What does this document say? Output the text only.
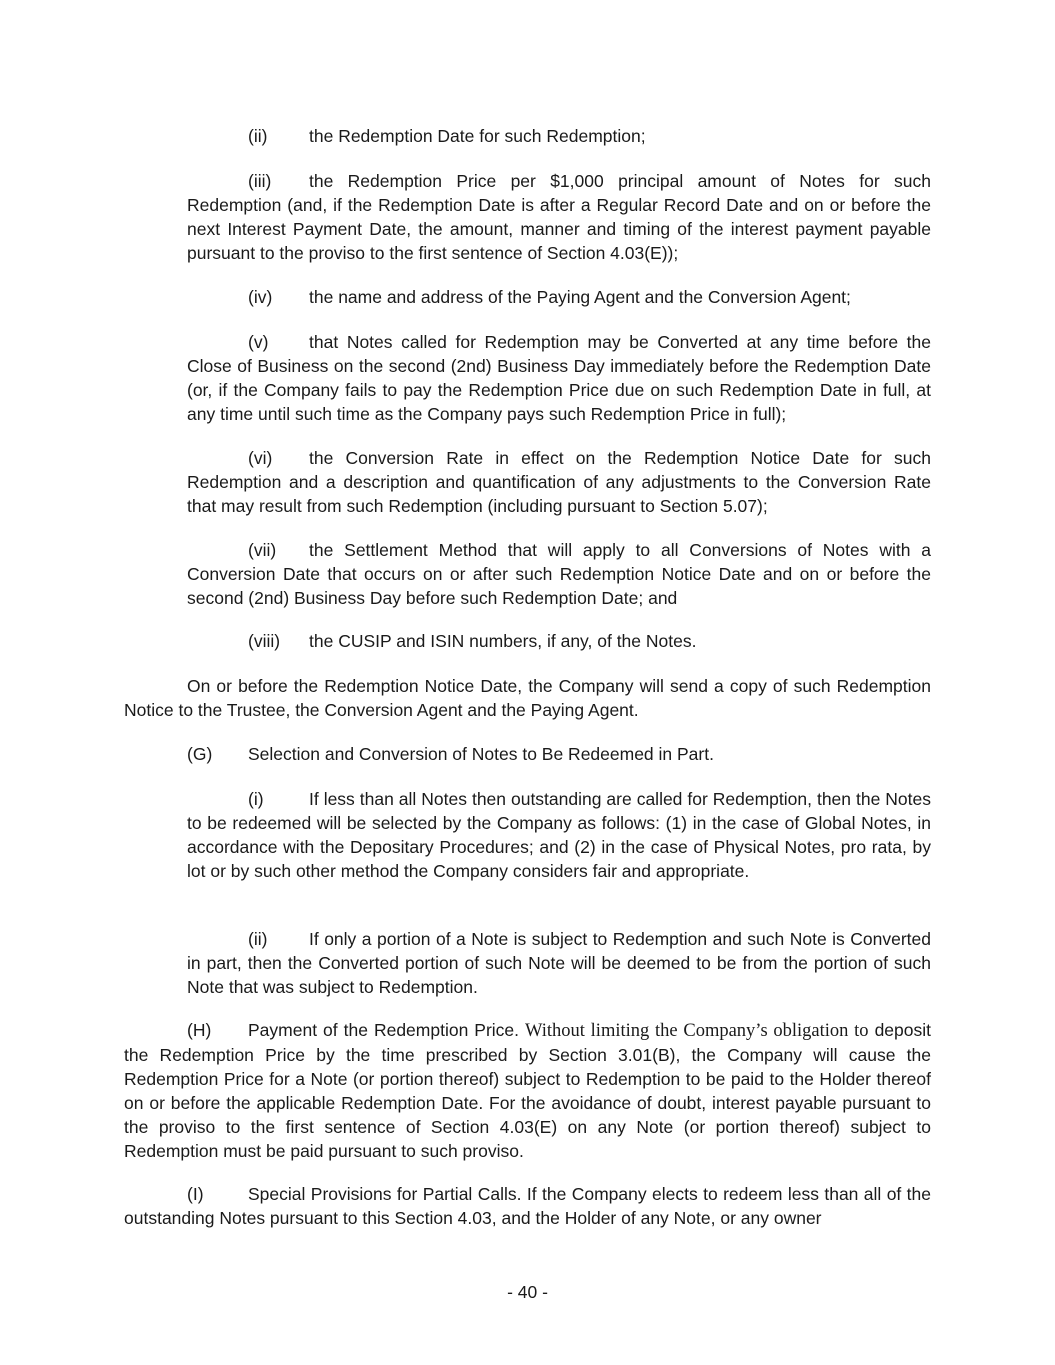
(ii) the Redemption Date for such Redemption;
(iii) the Redemption Price per $1,000 principal amount of Notes for such Redemption (and, if the Redemption Date is after a Regular Record Date and on or before the next Interest Payment Date, the amount, manner and timing of the interest payment payable pursuant to the proviso to the first sentence of Section 4.03(E));
(iv) the name and address of the Paying Agent and the Conversion Agent;
(v) that Notes called for Redemption may be Converted at any time before the Close of Business on the second (2nd) Business Day immediately before the Redemption Date (or, if the Company fails to pay the Redemption Price due on such Redemption Date in full, at any time until such time as the Company pays such Redemption Price in full);
(vi) the Conversion Rate in effect on the Redemption Notice Date for such Redemption and a description and quantification of any adjustments to the Conversion Rate that may result from such Redemption (including pursuant to Section 5.07);
(vii) the Settlement Method that will apply to all Conversions of Notes with a Conversion Date that occurs on or after such Redemption Notice Date and on or before the second (2nd) Business Day before such Redemption Date; and
(viii) the CUSIP and ISIN numbers, if any, of the Notes.
On or before the Redemption Notice Date, the Company will send a copy of such Redemption Notice to the Trustee, the Conversion Agent and the Paying Agent.
(G) Selection and Conversion of Notes to Be Redeemed in Part.
(i)	If less than all Notes then outstanding are called for Redemption, then the Notes to be redeemed will be selected by the Company as follows: (1) in the case of Global Notes, in accordance with the Depositary Procedures; and (2) in the case of Physical Notes, pro rata, by lot or by such other method the Company considers fair and appropriate.
(ii) If only a portion of a Note is subject to Redemption and such Note is Converted in part, then the Converted portion of such Note will be deemed to be from the portion of such Note that was subject to Redemption.
(H) Payment of the Redemption Price. Without limiting the Company’s obligation to deposit the Redemption Price by the time prescribed by Section 3.01(B), the Company will cause the Redemption Price for a Note (or portion thereof) subject to Redemption to be paid to the Holder thereof on or before the applicable Redemption Date. For the avoidance of doubt, interest payable pursuant to the proviso to the first sentence of Section 4.03(E) on any Note (or portion thereof) subject to Redemption must be paid pursuant to such proviso.
(I)	Special Provisions for Partial Calls. If the Company elects to redeem less than all of the outstanding Notes pursuant to this Section 4.03, and the Holder of any Note, or any owner
- 40 -
